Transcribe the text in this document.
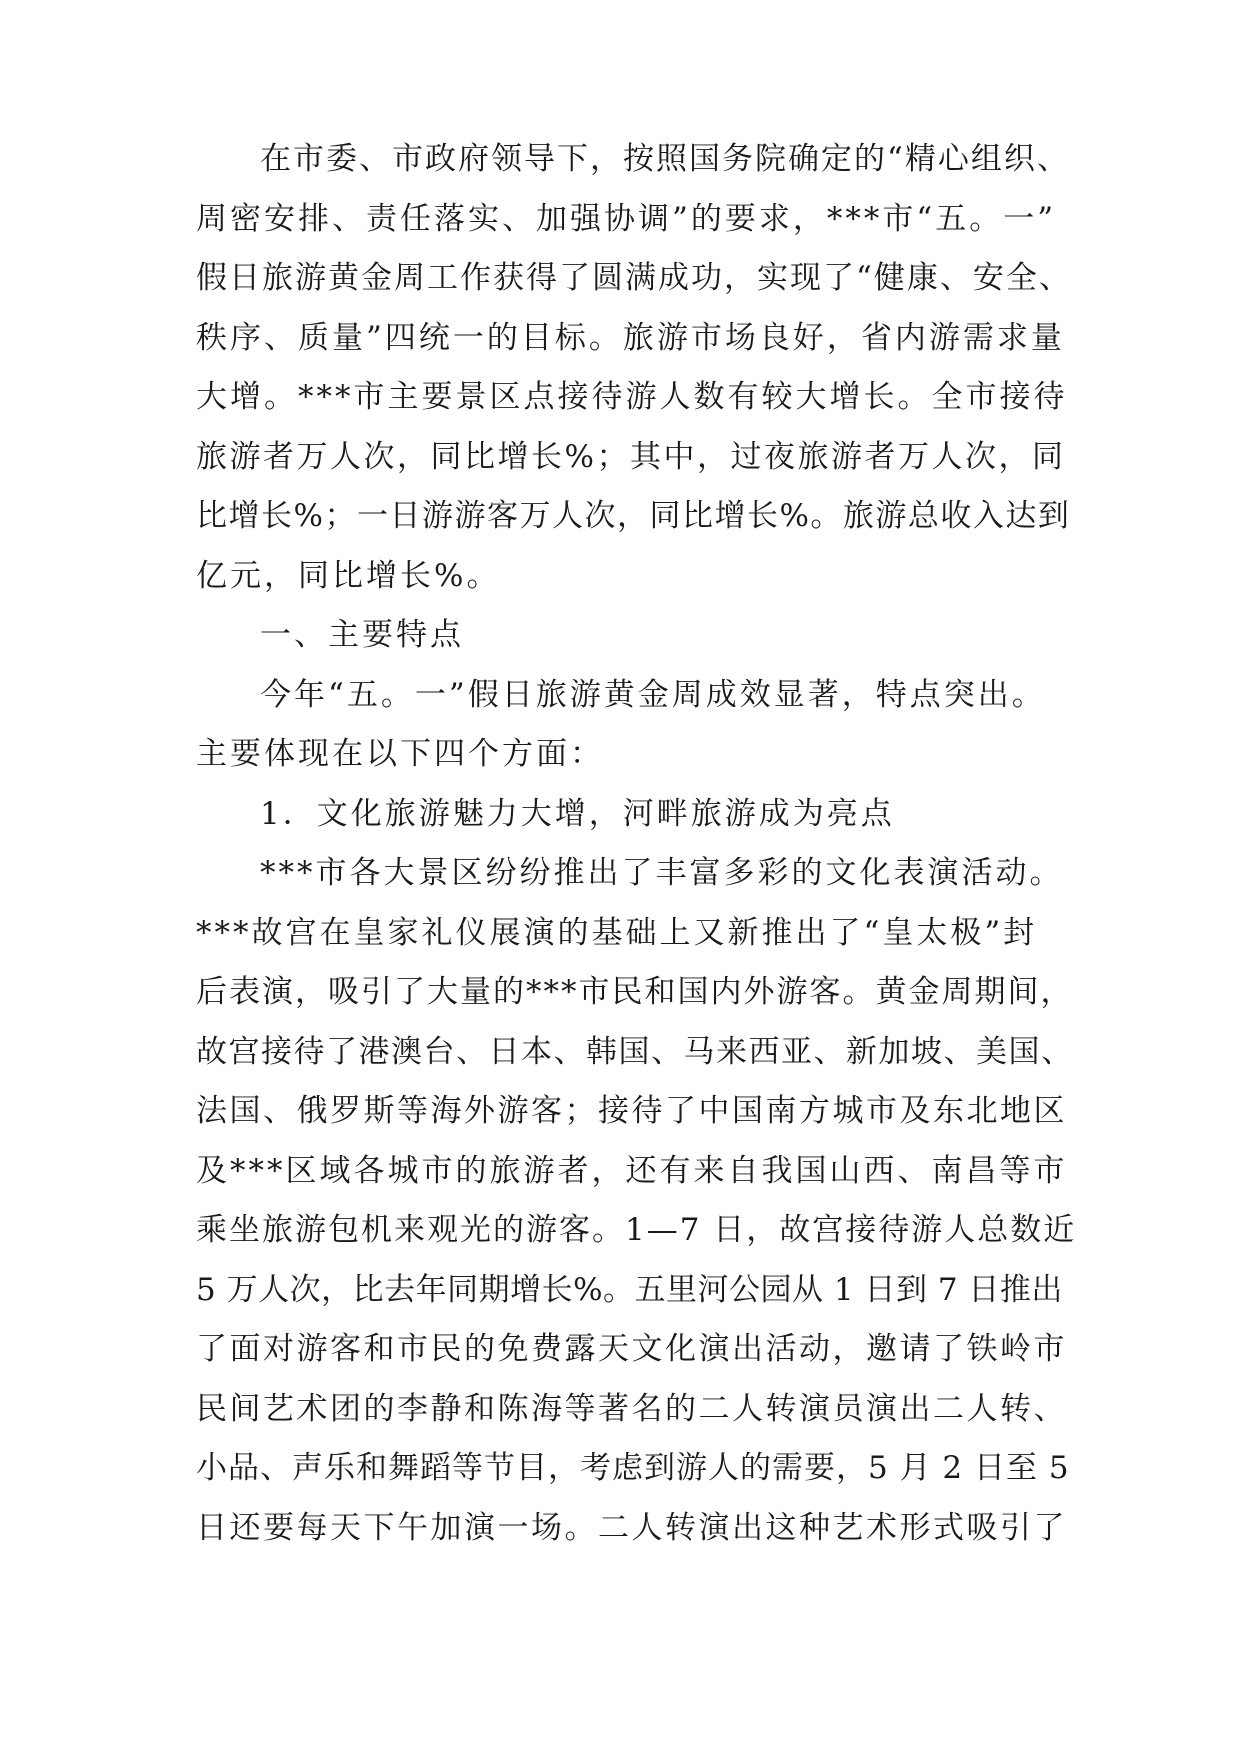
在市委、市政府领导下，按照国务院确定的“精心组织、
周密安排、责任落实、加强协调”的要求，***市“五。一”
假日旅游黄金周工作获得了圆满成功，实现了“健康、安全、
秩序、质量”四统一的目标。旅游市场良好，省内游需求量
大增。***市主要景区点接待游人数有较大增长。全市接待
旅游者万人次，同比增长%；其中，过夜旅游者万人次，同
比增长%；一日游游客万人次，同比增长%。旅游总收入达到
亿元，同比增长%。
一、主要特点
今年“五。一”假日旅游黄金周成效显著，特点突出。
主要体现在以下四个方面：
1．文化旅游魅力大增，河畔旅游成为亮点
***市各大景区纷纷推出了丰富多彩的文化表演活动。
***故宫在皇家礼仪展演的基础上又新推出了“皇太极”封
后表演，吸引了大量的***市民和国内外游客。黄金周期间，
故宫接待了港澳台、日本、韩国、马来西亚、新加坡、美国、
法国、俄罗斯等海外游客；接待了中国南方城市及东北地区
及***区域各城市的旅游者，还有来自我国山西、南昌等市
乘坐旅游包机来观光的游客。1—7 日，故宫接待游人总数近
5 万人次，比去年同期增长%。五里河公园从 1 日到 7 日推出
了面对游客和市民的免费露天文化演出活动，邀请了铁岭市
民间艺术团的李静和陈海等著名的二人转演员演出二人转、
小品、声乐和舞蹈等节目，考虑到游人的需要，5 月 2 日至 5
日还要每天下午加演一场。二人转演出这种艺术形式吸引了
